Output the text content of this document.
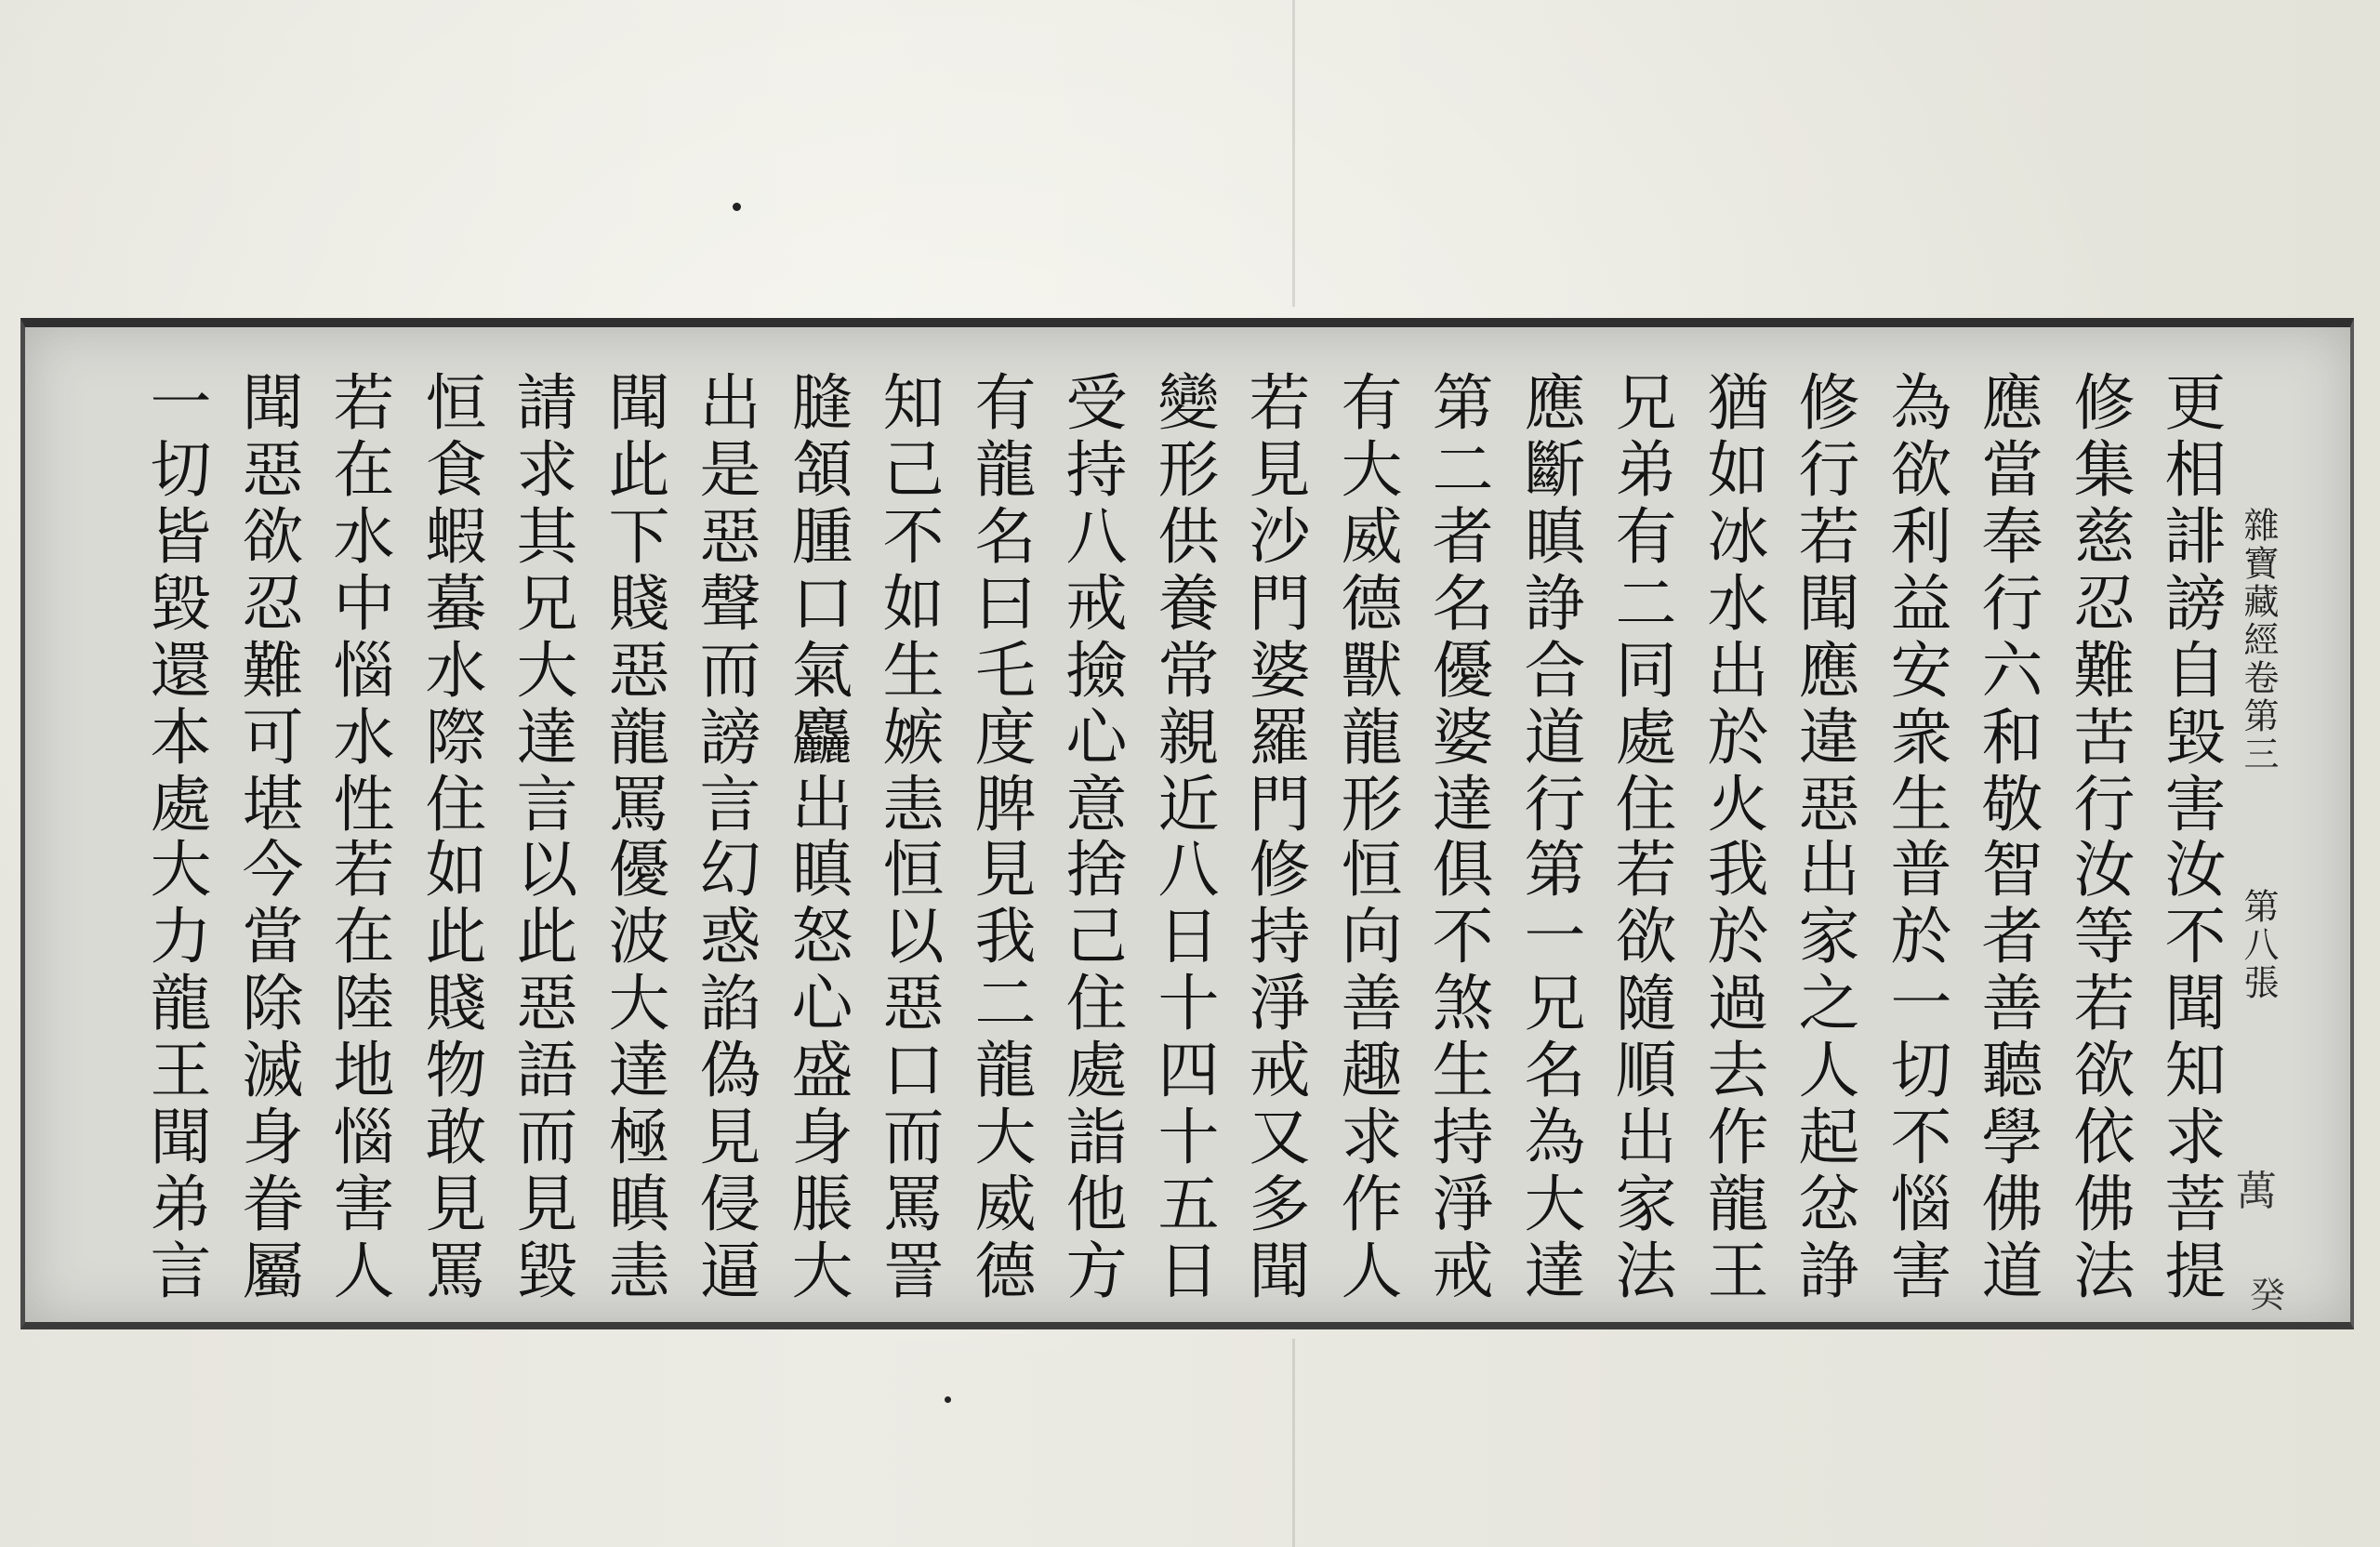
雜寶藏經卷第三
第八張
萬
癸
更相誹謗自毀害
汝不聞知求菩提
修集慈忍難苦行
汝等若欲依佛法
應當奉行六和敬
智者善聽學佛道
為欲利益安衆生
普於一切不惱害
修行若聞應違惡
出家之人起忿諍
猶如冰水出於火
我於過去作龍王
兄弟有二同處住
若欲隨順出家法
應斷瞋諍合道行
第一兄名為大達
第二者名優婆達
俱不煞生持淨戒
有大威德獸龍形
恒向善趣求作人
若見沙門婆羅門
修持淨戒又多聞
變形供養常親近
八日十四十五日
受持八戒撿心意
捨己住處詣他方
有龍名曰乇度脾
見我二龍大威德
知己不如生嫉恚
恒以惡口而罵詈
膖頷腫口氣麤出
瞋怒心盛身脹大
出是惡聲而謗言
幻惑諂偽見侵逼
聞此下賤惡龍罵
優波大達極瞋恚
請求其兄大達言
以此惡語而見毀
恒食蝦蟇水際住
如此賤物敢見罵
若在水中惱水性
若在陸地惱害人
聞惡欲忍難可堪
今當除滅身眷屬
一切皆毀還本處
大力龍王聞弟言
